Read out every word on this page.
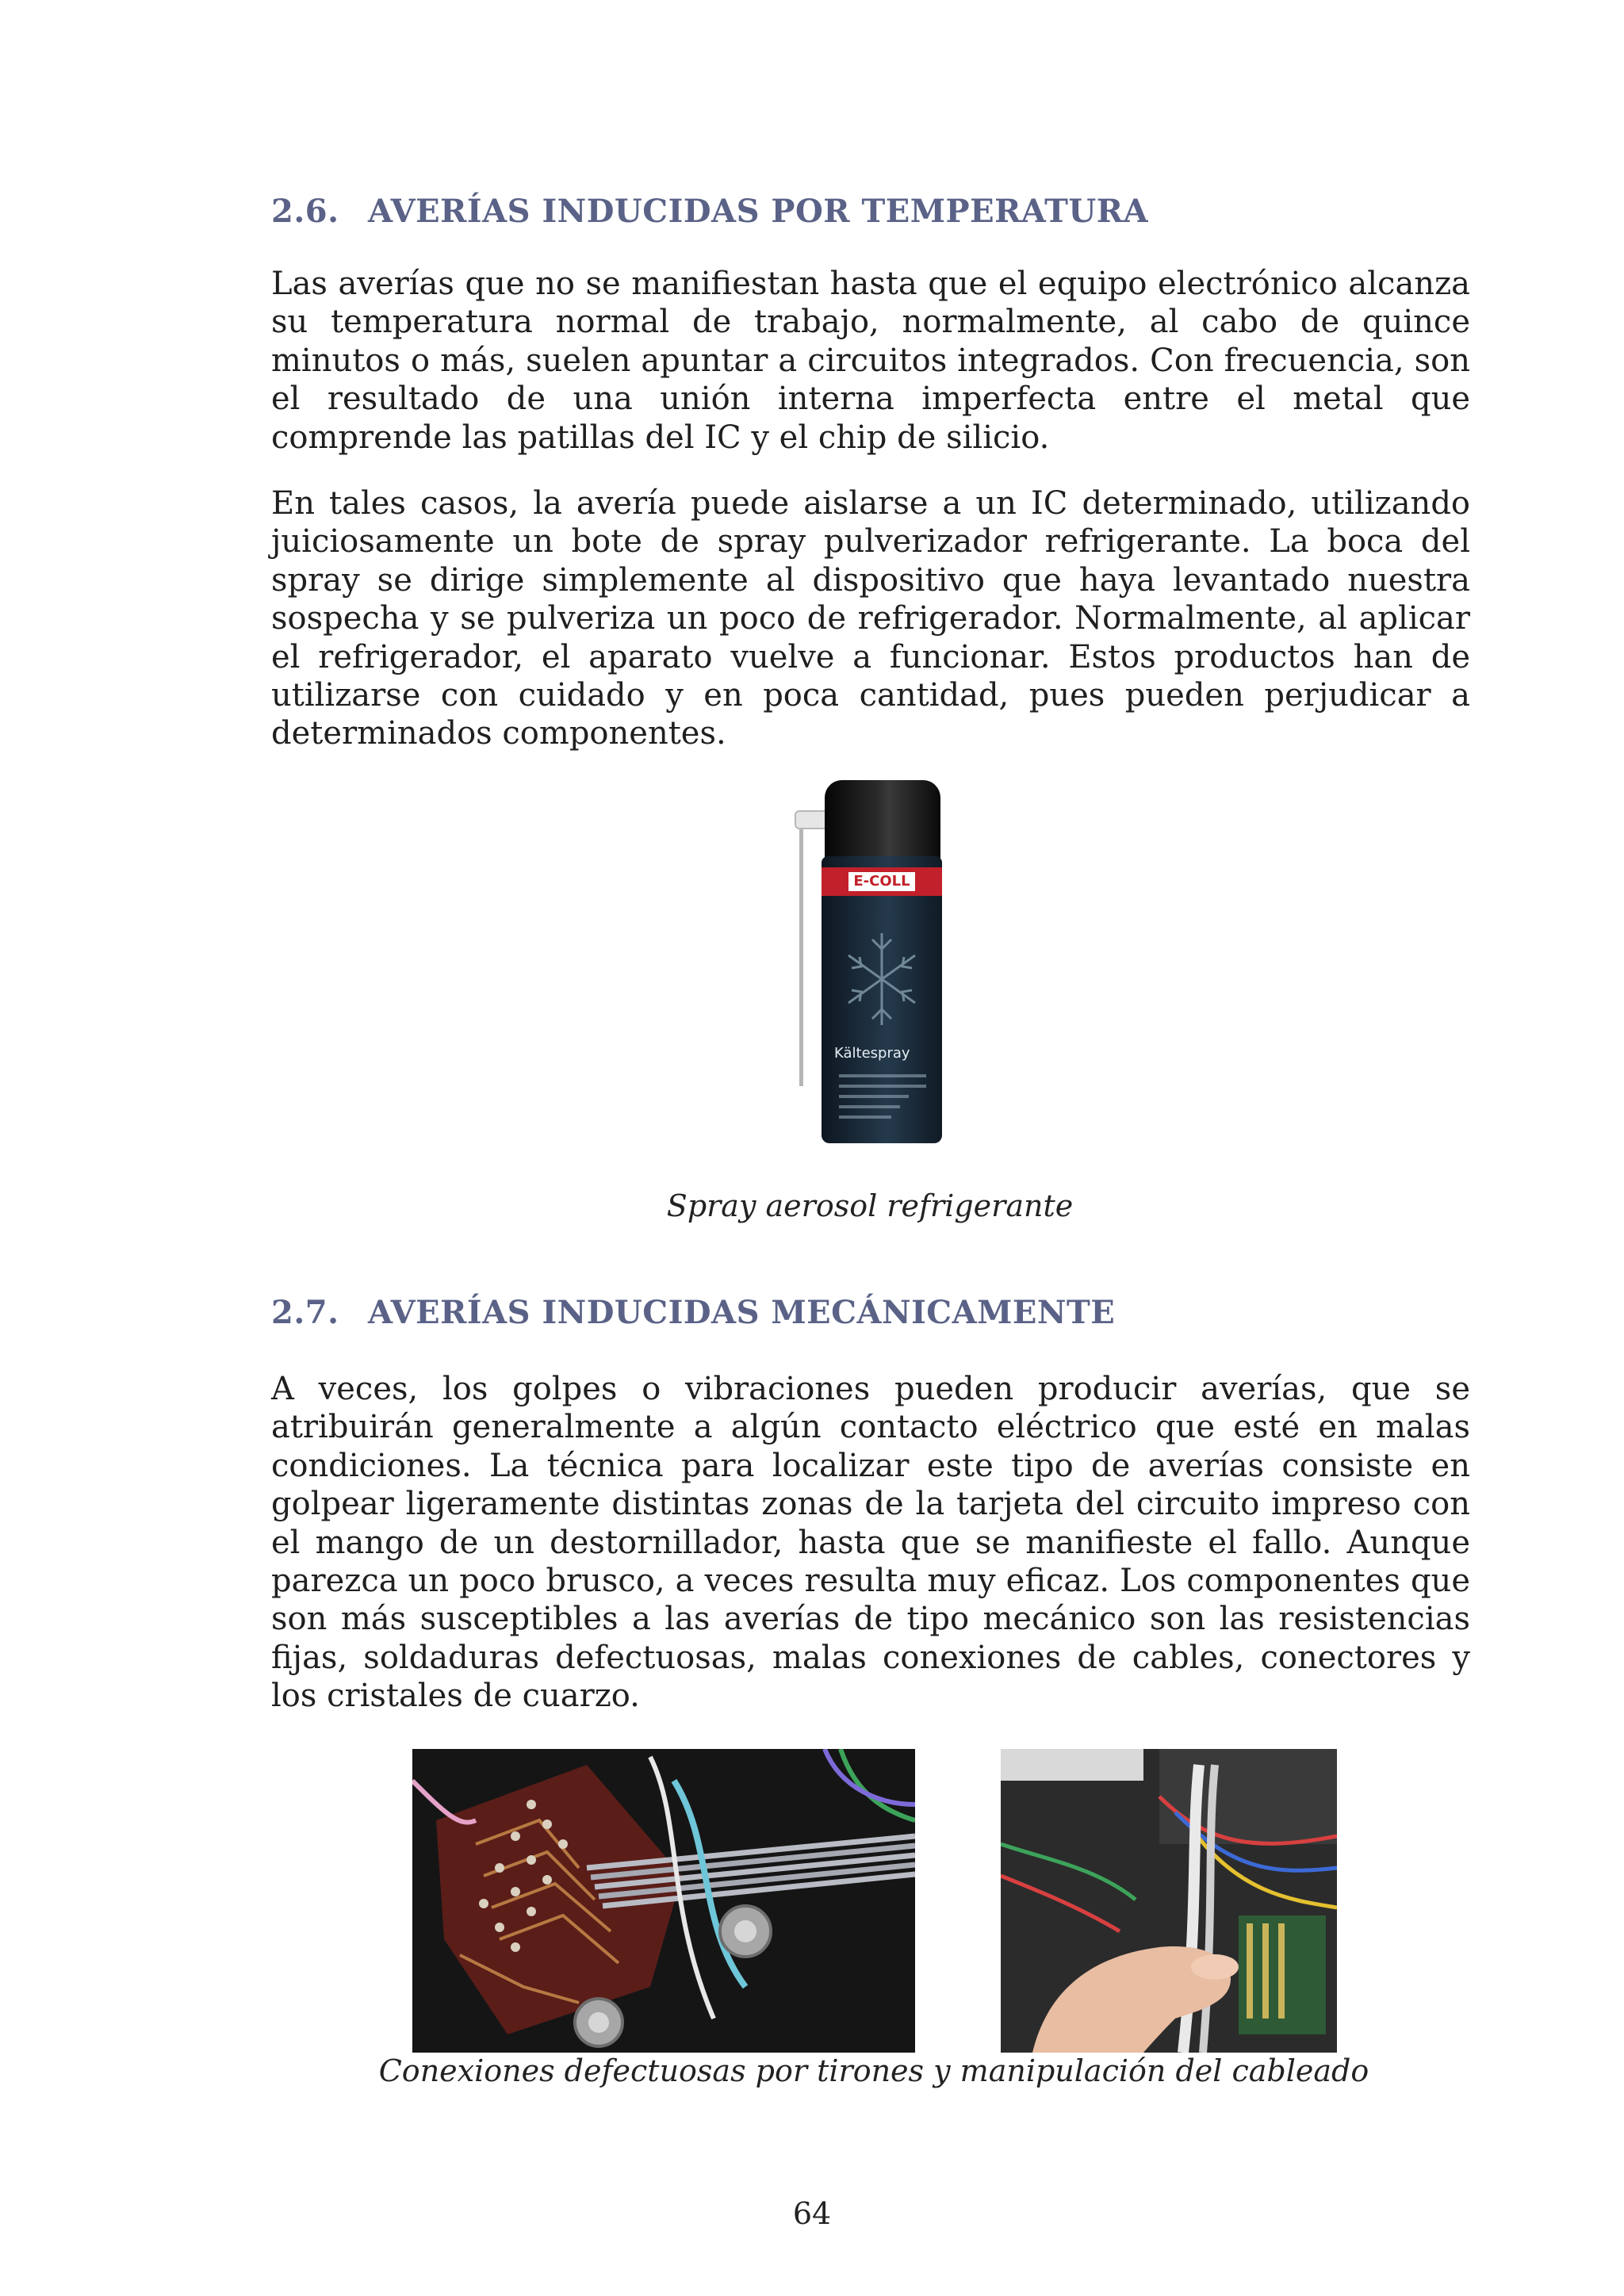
2.6. AVERÍAS INDUCIDAS POR TEMPERATURA

Las averías que no se manifiestan hasta que el equipo electrónico alcanza su temperatura normal de trabajo, normalmente, al cabo de quince minutos o más, suelen apuntar a circuitos integrados. Con frecuencia, son el resultado de una unión interna imperfecta entre el metal que comprende las patillas del IC y el chip de silicio.

En tales casos, la avería puede aislarse a un IC determinado, utilizando juiciosamente un bote de spray pulverizador refrigerante. La boca del spray se dirige simplemente al dispositivo que haya levantado nuestra sospecha y se pulveriza un poco de refrigerador. Normalmente, al aplicar el refrigerador, el aparato vuelve a funcionar. Estos productos han de utilizarse con cuidado y en poca cantidad, pues pueden perjudicar a determinados componentes.

E-COLL
Kältespray
Spray aerosol refrigerante
2.7. AVERÍAS INDUCIDAS MECÁNICAMENTE

A veces, los golpes o vibraciones pueden producir averías, que se atribuirán generalmente a algún contacto eléctrico que esté en malas condiciones. La técnica para localizar este tipo de averías consiste en golpear ligeramente distintas zonas de la tarjeta del circuito impreso con el mango de un destornillador, hasta que se manifieste el fallo. Aunque parezca un poco brusco, a veces resulta muy eficaz. Los componentes que son más susceptibles a las averías de tipo mecánico son las resistencias fijas, soldaduras defectuosas, malas conexiones de cables, conectores y los cristales de cuarzo.

Conexiones defectuosas por tirones y manipulación del cableado
64
